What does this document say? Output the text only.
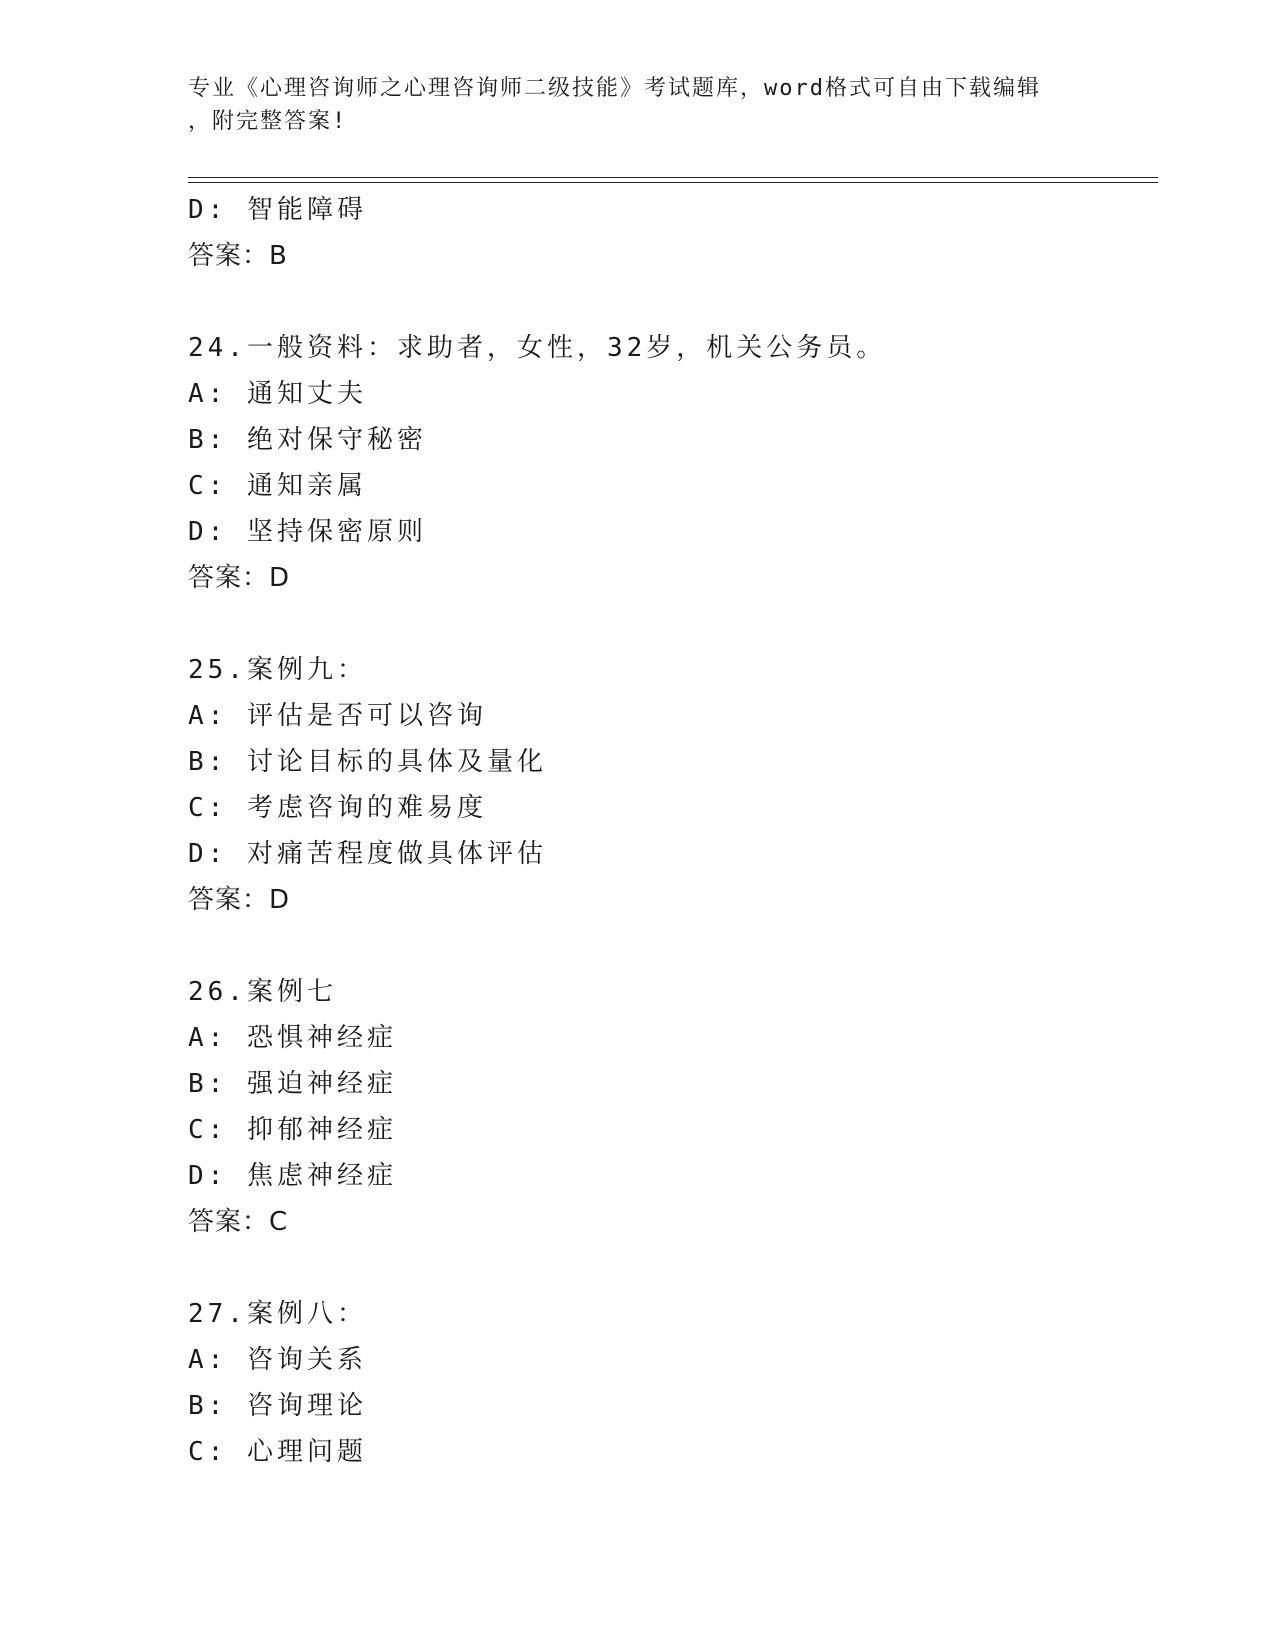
专业《心理咨询师之心理咨询师二级技能》考试题库，word格式可自由下载编辑
，附完整答案!
D: 智能障碍
答案：B
24.一般资料：求助者，女性，32岁，机关公务员。
A: 通知丈夫
B: 绝对保守秘密
C: 通知亲属
D: 坚持保密原则
答案：D
25.案例九：
A: 评估是否可以咨询
B: 讨论目标的具体及量化
C: 考虑咨询的难易度
D: 对痛苦程度做具体评估
答案：D
26.案例七
A: 恐惧神经症
B: 强迫神经症
C: 抑郁神经症
D: 焦虑神经症
答案：C
27.案例八：
A: 咨询关系
B: 咨询理论
C: 心理问题
